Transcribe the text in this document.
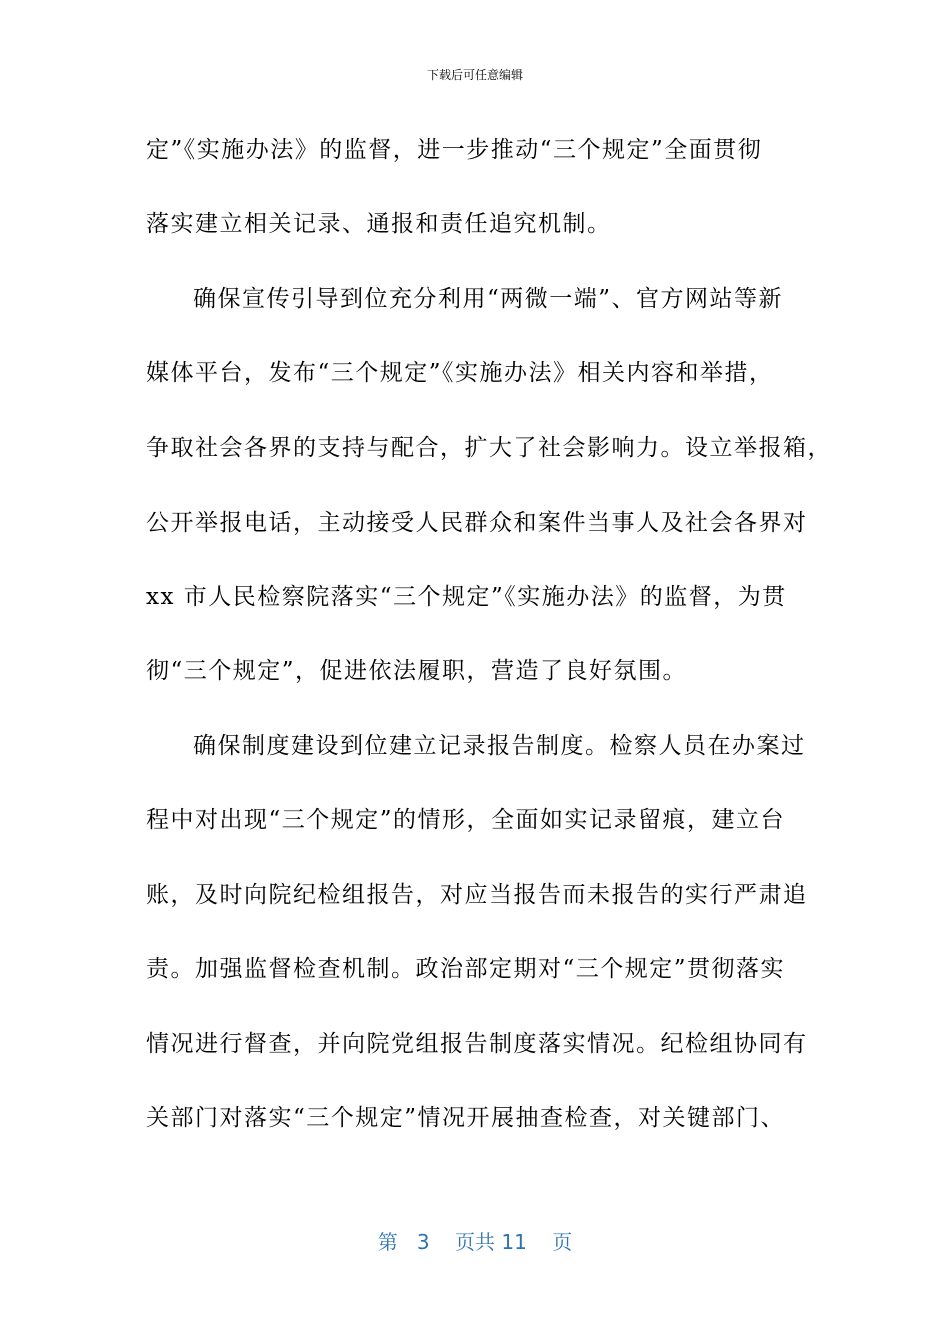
下载后可任意编辑
定”《实施办法》的监督，进一步推动“三个规定”全面贯彻
落实建立相关记录、通报和责任追究机制。
确保宣传引导到位充分利用“两微一端”、官方网站等新
媒体平台，发布“三个规定”《实施办法》相关内容和举措，
争取社会各界的支持与配合，扩大了社会影响力。设立举报箱，
公开举报电话，主动接受人民群众和案件当事人及社会各界对
xx 市人民检察院落实“三个规定”《实施办法》的监督，为贯
彻“三个规定”，促进依法履职，营造了良好氛围。
确保制度建设到位建立记录报告制度。检察人员在办案过
程中对出现“三个规定”的情形，全面如实记录留痕，建立台
账，及时向院纪检组报告，对应当报告而未报告的实行严肃追
责。加强监督检查机制。政治部定期对“三个规定”贯彻落实
情况进行督查，并向院党组报告制度落实情况。纪检组协同有
关部门对落实“三个规定”情况开展抽查检查，对关键部门、
第 3 页共 11 页
